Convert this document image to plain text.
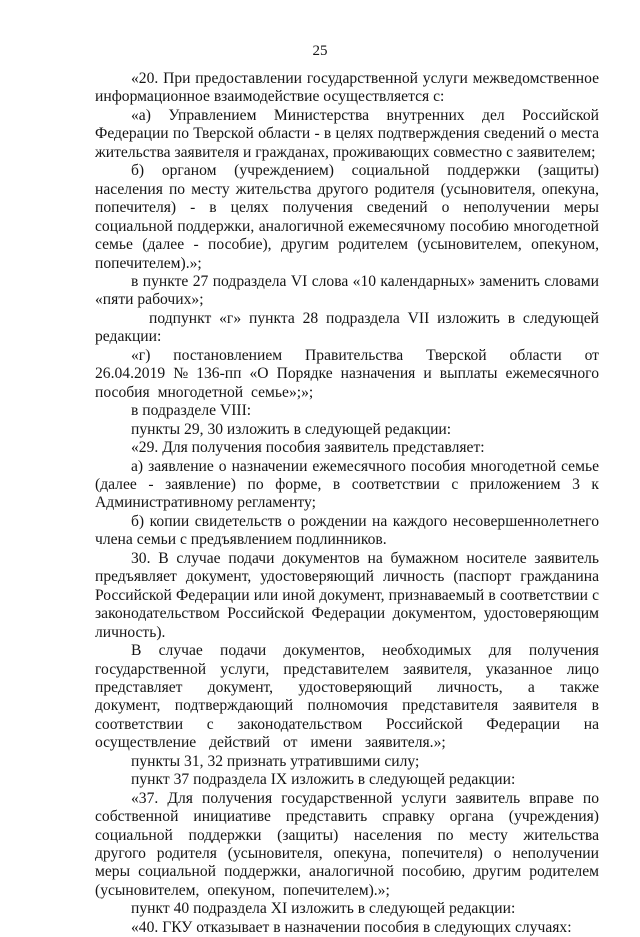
25

«20. При предоставлении государственной услуги межведомственное информационное взаимодействие осуществляется с:

«а) Управлением Министерства внутренних дел Российской Федерации по Тверской области - в целях подтверждения сведений о места жительства заявителя и гражданах, проживающих совместно с заявителем;

б) органом (учреждением) социальной поддержки (защиты) населения по месту жительства другого родителя (усыновителя, опекуна, попечителя) - в целях получения сведений о неполучении меры социальной поддержки, аналогичной ежемесячному пособию многодетной семье (далее - пособие), другим родителем (усыновителем, опекуном, попечителем).»;

в пункте 27 подраздела VI слова «10 календарных» заменить словами «пяти рабочих»;

подпункт «г» пункта 28 подраздела VII изложить в следующей редакции:

«г) постановлением Правительства Тверской области от 26.04.2019 № 136-пп «О Порядке назначения и выплаты ежемесячного пособия многодетной семье»;»;

в подразделе VIII:

пункты 29, 30 изложить в следующей редакции:

«29. Для получения пособия заявитель представляет:

а) заявление о назначении ежемесячного пособия многодетной семье (далее - заявление) по форме, в соответствии с приложением 3 к Административному регламенту;

б) копии свидетельств о рождении на каждого несовершеннолетнего члена семьи с предъявлением подлинников.

30. В случае подачи документов на бумажном носителе заявитель предъявляет документ, удостоверяющий личность (паспорт гражданина Российской Федерации или иной документ, признаваемый в соответствии с законодательством Российской Федерации документом, удостоверяющим личность).

В случае подачи документов, необходимых для получения государственной услуги, представителем заявителя, указанное лицо представляет документ, удостоверяющий личность, а также документ, подтверждающий полномочия представителя заявителя в соответствии с законодательством Российской Федерации на осуществление действий от имени заявителя.»;

пункты 31, 32 признать утратившими силу;

пункт 37 подраздела IX изложить в следующей редакции:

«37. Для получения государственной услуги заявитель вправе по собственной инициативе представить справку органа (учреждения) социальной поддержки (защиты) населения по месту жительства другого родителя (усыновителя, опекуна, попечителя) о неполучении меры социальной поддержки, аналогичной пособию, другим родителем (усыновителем, опекуном, попечителем).»;

пункт 40 подраздела XI изложить в следующей редакции:

«40. ГКУ отказывает в назначении пособия в следующих случаях:
